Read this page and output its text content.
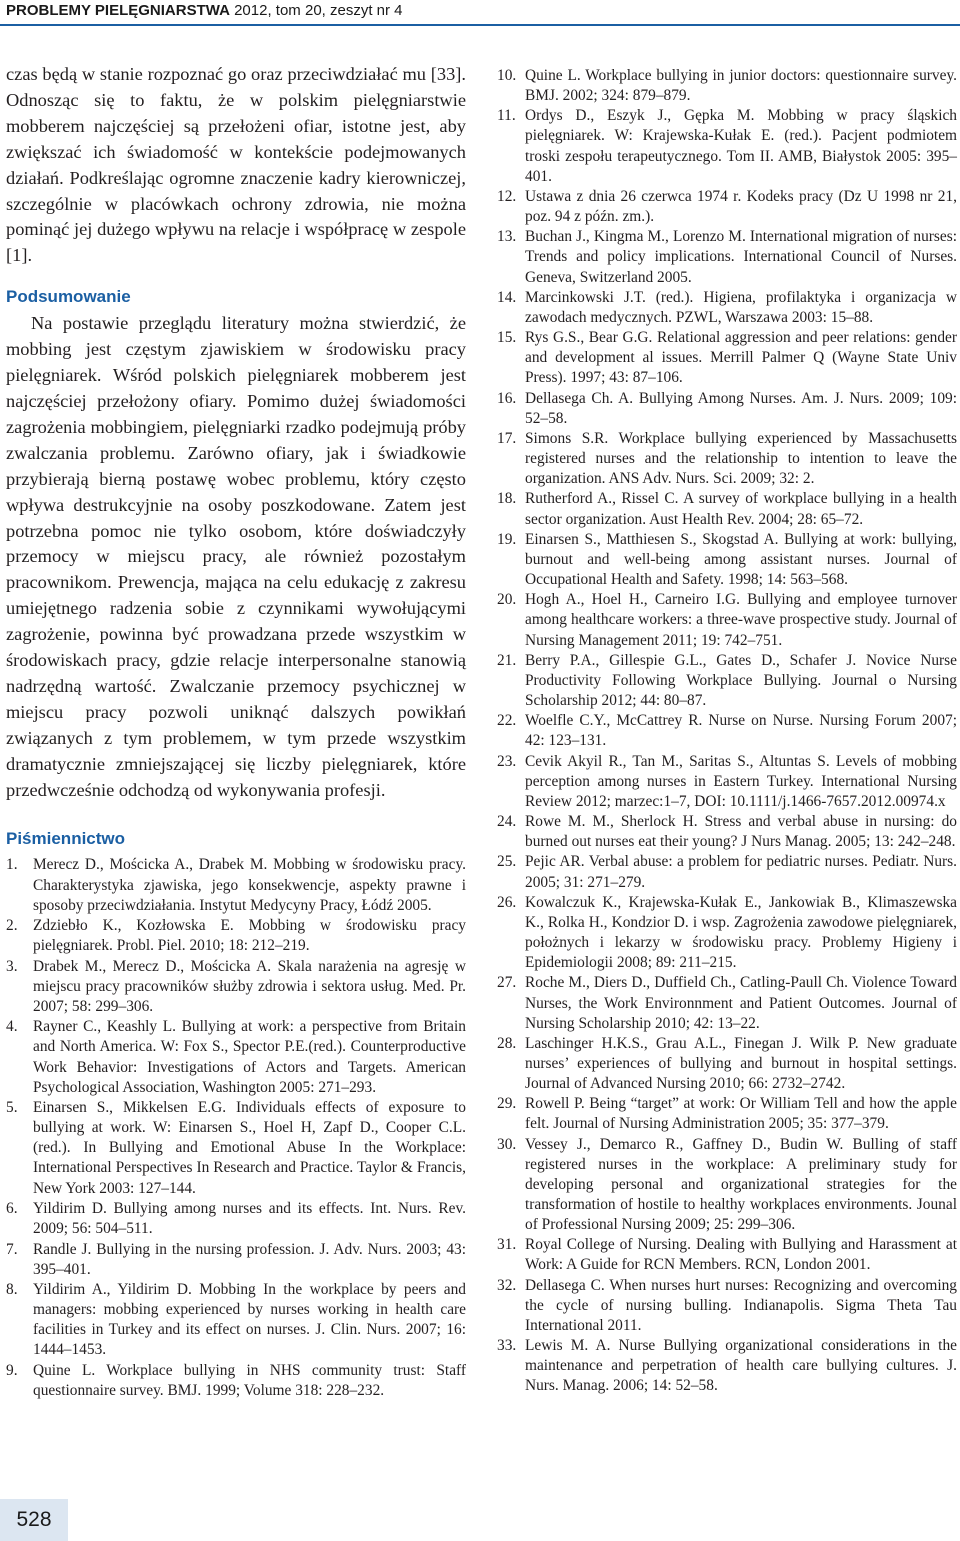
PROBLEMY PIELĘGNIARSTWA 2012, tom 20, zeszyt nr 4

czas będą w stanie rozpoznać go oraz przeciwdziałać mu [33]. Odnosząc się to faktu, że w polskim pielęgniarstwie mobberem najczęściej są przełożeni ofiar, istotne jest, aby zwiększać ich świadomość w kontekście podejmowanych działań. Podkreślając ogromne znaczenie kadry kierowniczej, szczególnie w placówkach ochrony zdrowia, nie można pominąć jej dużego wpływu na relacje i współpracę w zespole [1].

Podsumowanie

Na postawie przeglądu literatury można stwierdzić, że mobbing jest częstym zjawiskiem w środowisku pracy pielęgniarek. Wśród polskich pielęgniarek mobberem jest najczęściej przełożony ofiary. Pomimo dużej świadomości zagrożenia mobbingiem, pielęgniarki rzadko podejmują próby zwalczania problemu. Zarówno ofiary, jak i świadkowie przybierają bierną postawę wobec problemu, który często wpływa destrukcyjnie na osoby poszkodowane. Zatem jest potrzebna pomoc nie tylko osobom, które doświadczyły przemocy w miejscu pracy, ale również pozostałym pracownikom. Prewencja, mająca na celu edukację z zakresu umiejętnego radzenia sobie z czynnikami wywołującymi zagrożenie, powinna być prowadzana przede wszystkim w środowiskach pracy, gdzie relacje interpersonalne stanowią nadrzędną wartość. Zwalczanie przemocy psychicznej w miejscu pracy pozwoli uniknąć dalszych powikłań związanych z tym problemem, w tym przede wszystkim dramatycznie zmniejszającej się liczby pielęgniarek, które przedwcześnie odchodzą od wykonywania profesji.

Piśmiennictwo
1. Merecz D., Mościcka A., Drabek M. Mobbing w środowisku pracy. Charakterystyka zjawiska, jego konsekwencje, aspekty prawne i sposoby przeciwdziałania. Instytut Medycyny Pracy, Łódź 2005.
2. Zdziebło K., Kozłowska E. Mobbing w środowisku pracy pielęgniarek. Probl. Piel. 2010; 18: 212–219.
3. Drabek M., Merecz D., Mościcka A. Skala narażenia na agresję w miejscu pracy pracowników służby zdrowia i sektora usług. Med. Pr. 2007; 58: 299–306.
4. Rayner C., Keashly L. Bullying at work: a perspective from Britain and North America. W: Fox S., Spector P.E.(red.). Counterproductive Work Behavior: Investigations of Actors and Targets. American Psychological Association, Washington 2005: 271–293.
5. Einarsen S., Mikkelsen E.G. Individuals effects of exposure to bullying at work. W: Einarsen S., Hoel H, Zapf D., Cooper C.L. (red.). In Bullying and Emotional Abuse In the Workplace: International Perspectives In Research and Practice. Taylor & Francis, New York 2003: 127–144.
6. Yildirim D. Bullying among nurses and its effects. Int. Nurs. Rev. 2009; 56: 504–511.
7. Randle J. Bullying in the nursing profession. J. Adv. Nurs. 2003; 43: 395–401.
8. Yildirim A., Yildirim D. Mobbing In the workplace by peers and managers: mobbing experienced by nurses working in health care facilities in Turkey and its effect on nurses. J. Clin. Nurs. 2007; 16: 1444–1453.
9. Quine L. Workplace bullying in NHS community trust: Staff questionnaire survey. BMJ. 1999; Volume 318: 228–232.
10. Quine L. Workplace bullying in junior doctors: questionnaire survey. BMJ. 2002; 324: 879–879.
11. Ordys D., Eszyk J., Gępka M. Mobbing w pracy śląskich pielęgniarek. W: Krajewska-Kułak E. (red.). Pacjent podmiotem troski zespołu terapeutycznego. Tom II. AMB, Białystok 2005: 395–401.
12. Ustawa z dnia 26 czerwca 1974 r. Kodeks pracy (Dz U 1998 nr 21, poz. 94 z późn. zm.).
13. Buchan J., Kingma M., Lorenzo M. International migration of nurses: Trends and policy implications. International Council of Nurses. Geneva, Switzerland 2005.
14. Marcinkowski J.T. (red.). Higiena, profilaktyka i organizacja w zawodach medycznych. PZWL, Warszawa 2003: 15–88.
15. Rys G.S., Bear G.G. Relational aggression and peer relations: gender and development al issues. Merrill Palmer Q (Wayne State Univ Press). 1997; 43: 87–106.
16. Dellasega Ch. A. Bullying Among Nurses. Am. J. Nurs. 2009; 109: 52–58.
17. Simons S.R. Workplace bullying experienced by Massachusetts registered nurses and the relationship to intention to leave the organization. ANS Adv. Nurs. Sci. 2009; 32: 2.
18. Rutherford A., Rissel C. A survey of workplace bullying in a health sector organization. Aust Health Rev. 2004; 28: 65–72.
19. Einarsen S., Matthiesen S., Skogstad A. Bullying at work: bullying, burnout and well-being among assistant nurses. Journal of Occupational Health and Safety. 1998; 14: 563–568.
20. Hogh A., Hoel H., Carneiro I.G. Bullying and employee turnover among healthcare workers: a three-wave prospective study. Journal of Nursing Management 2011; 19: 742–751.
21. Berry P.A., Gillespie G.L., Gates D., Schafer J. Novice Nurse Productivity Following Workplace Bullying. Journal o Nursing Scholarship 2012; 44: 80–87.
22. Woelfle C.Y., McCattrey R. Nurse on Nurse. Nursing Forum 2007; 42: 123–131.
23. Cevik Akyil R., Tan M., Saritas S., Altuntas S. Levels of mobbing perception among nurses in Eastern Turkey. International Nursing Review 2012; marzec:1–7, DOI: 10.1111/j.1466-7657.2012.00974.x
24. Rowe M. M., Sherlock H. Stress and verbal abuse in nursing: do burned out nurses eat their young? J Nurs Manag. 2005; 13: 242–248.
25. Pejic AR. Verbal abuse: a problem for pediatric nurses. Pediatr. Nurs. 2005; 31: 271–279.
26. Kowalczuk K., Krajewska-Kułak E., Jankowiak B., Klimaszewska K., Rolka H., Kondzior D. i wsp. Zagrożenia zawodowe pielęgniarek, położnych i lekarzy w środowisku pracy. Problemy Higieny i Epidemiologii 2008; 89: 211–215.
27. Roche M., Diers D., Duffield Ch., Catling-Paull Ch. Violence Toward Nurses, the Work Environnment and Patient Outcomes. Journal of Nursing Scholarship 2010; 42: 13–22.
28. Laschinger H.K.S., Grau A.L., Finegan J. Wilk P. New graduate nurses’ experiences of bullying and burnout in hospital settings. Journal of Advanced Nursing 2010; 66: 2732–2742.
29. Rowell P. Being “target” at work: Or William Tell and how the apple felt. Journal of Nursing Administration 2005; 35: 377–379.
30. Vessey J., Demarco R., Gaffney D., Budin W. Bulling of staff registered nurses in the workplace: A preliminary study for developing personal and organizational strategies for the transformation of hostile to healthy workplaces environments. Jounal of Professional Nursing 2009; 25: 299–306.
31. Royal College of Nursing. Dealing with Bullying and Harassment at Work: A Guide for RCN Members. RCN, London 2001.
32. Dellasega C. When nurses hurt nurses: Recognizing and overcoming the cycle of nursing bulling. Indianapolis. Sigma Theta Tau International 2011.
33. Lewis M. A. Nurse Bullying organizational considerations in the maintenance and perpetration of health care bullying cultures. J. Nurs. Manag. 2006; 14: 52–58.
528
